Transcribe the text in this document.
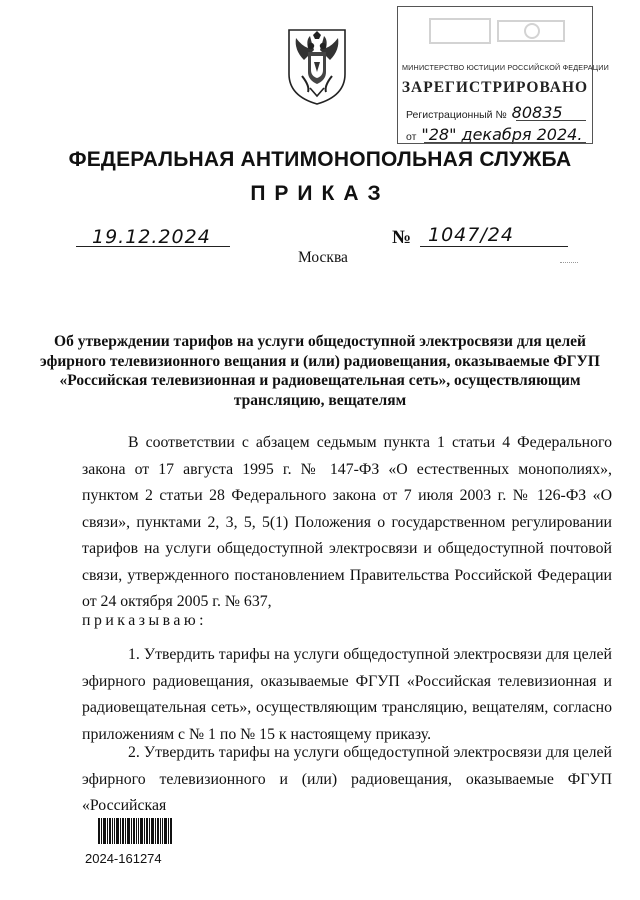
МИНИСТЕРСТВО ЮСТИЦИИ РОССИЙСКОЙ ФЕДЕРАЦИИ
ЗАРЕГИСТРИРОВАНО
Регистрационный № 80835
от "28" декабря 2024.
ФЕДЕРАЛЬНАЯ АНТИМОНОПОЛЬНАЯ СЛУЖБА
ПРИКАЗ
19.12.2024
Москва
№ 1047/24
Об утверждении тарифов на услуги общедоступной электросвязи для целей эфирного телевизионного вещания и (или) радиовещания, оказываемые ФГУП «Российская телевизионная и радиовещательная сеть», осуществляющим трансляцию, вещателям

В соответствии с абзацем седьмым пункта 1 статьи 4 Федерального закона от 17 августа 1995 г. № 147-ФЗ «О естественных монополиях», пунктом 2 статьи 28 Федерального закона от 7 июля 2003 г. № 126-ФЗ «О связи», пунктами 2, 3, 5, 5(1) Положения о государственном регулировании тарифов на услуги общедоступной электросвязи и общедоступной почтовой связи, утвержденного постановлением Правительства Российской Федерации от 24 октября 2005 г. № 637,

приказываю:

1. Утвердить тарифы на услуги общедоступной электросвязи для целей эфирного радиовещания, оказываемые ФГУП «Российская телевизионная и радиовещательная сеть», осуществляющим трансляцию, вещателям, согласно приложениям с № 1 по № 15 к настоящему приказу.

2. Утвердить тарифы на услуги общедоступной электросвязи для целей эфирного телевизионного и (или) радиовещания, оказываемые ФГУП «Российская

2024-161274
